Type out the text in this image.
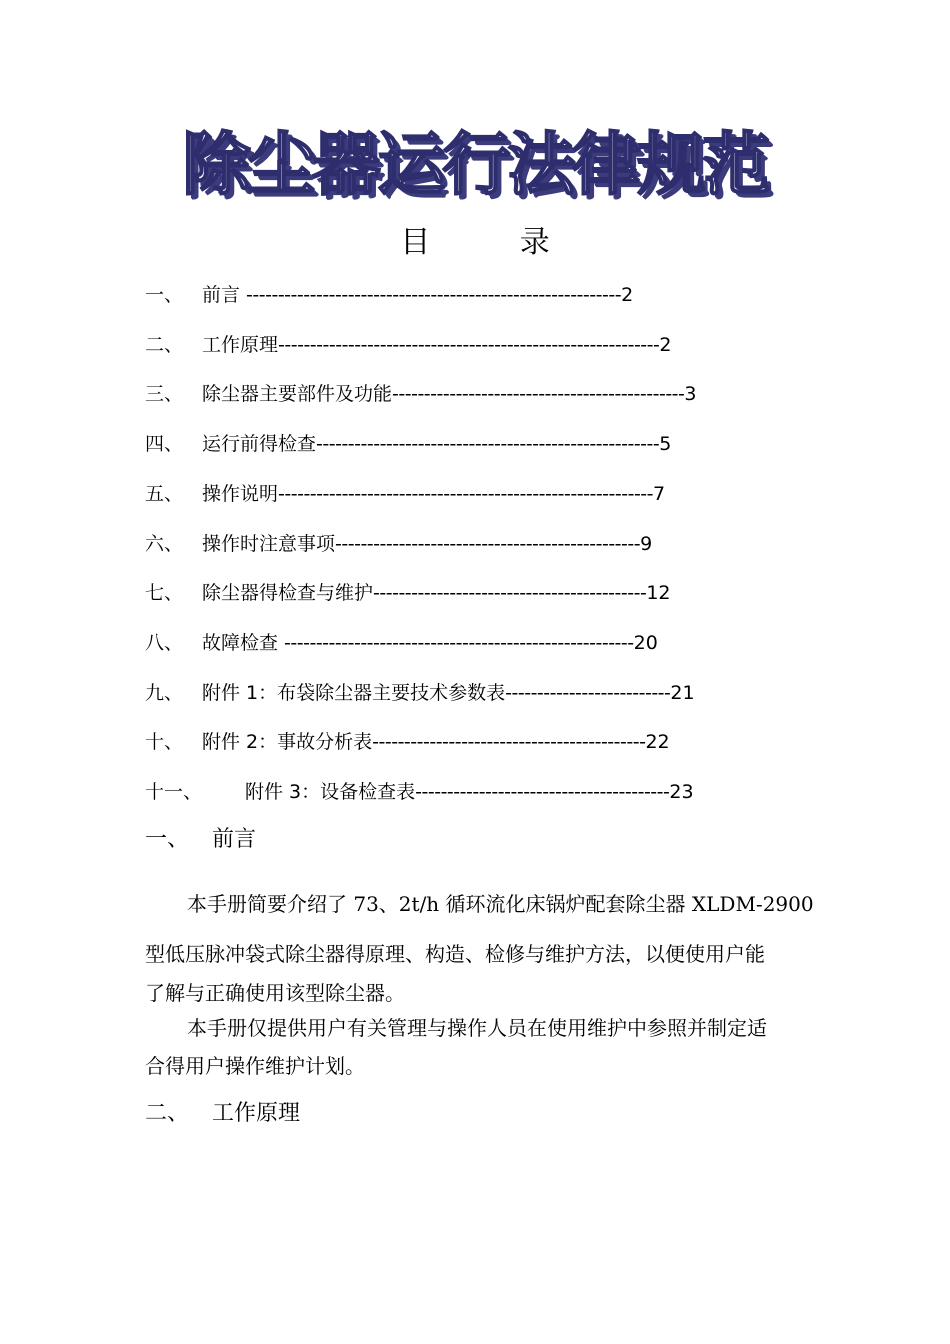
除尘器运行法律规范
目 录
一、 前言 -----------------------------------------------------------2
二、 工作原理------------------------------------------------------------2
三、 除尘器主要部件及功能----------------------------------------------3
四、 运行前得检查------------------------------------------------------5
五、 操作说明-----------------------------------------------------------7
六、 操作时注意事项------------------------------------------------9
七、 除尘器得检查与维护-------------------------------------------12
八、 故障检查 -------------------------------------------------------20
九、 附件 1：布袋除尘器主要技术参数表--------------------------21
十、 附件 2：事故分析表-------------------------------------------22
十一、 附件 3：设备检查表----------------------------------------23
一、 前言
本手册简要介绍了 73、2t/h 循环流化床锅炉配套除尘器 XLDM-2900
型低压脉冲袋式除尘器得原理、构造、检修与维护方法，以便使用户能
了解与正确使用该型除尘器。
本手册仅提供用户有关管理与操作人员在使用维护中参照并制定适
合得用户操作维护计划。
二、 工作原理
